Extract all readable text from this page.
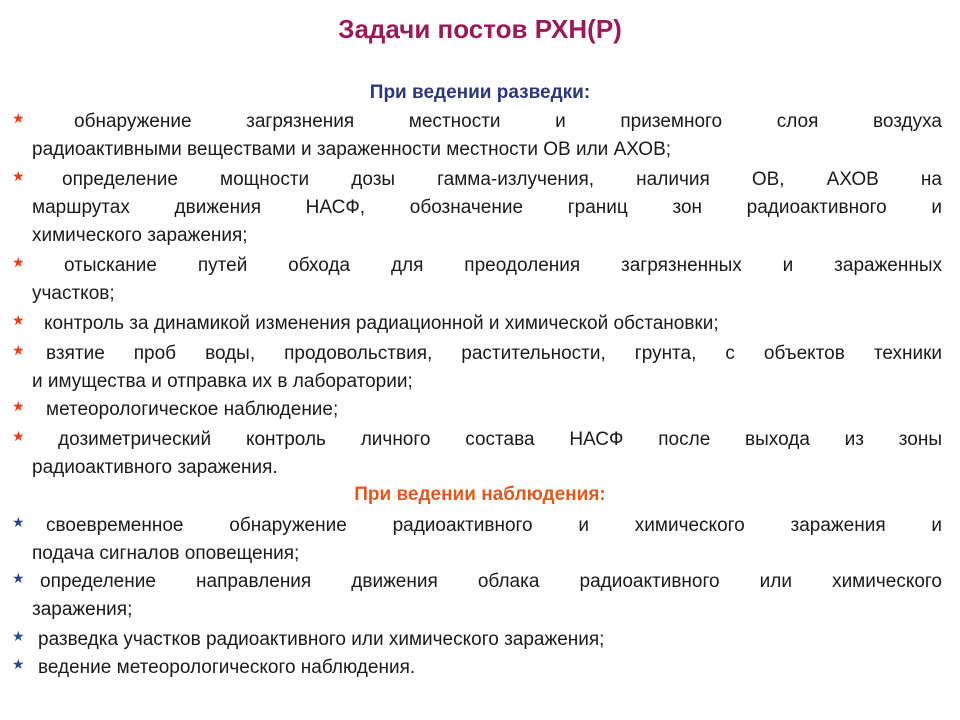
Задачи постов РХН(Р)
При ведении разведки:
★	обнаружение загрязнения местности и приземного слоя воздуха
радиоактивными веществами и зараженности местности ОВ или АХОВ;
★	определение мощности дозы гамма-излучения, наличия ОВ, АХОВ на
маршрутах движения НАСФ, обозначение границ зон радиоактивного и
химического заражения;
★	отыскание путей обхода для преодоления загрязненных и зараженных
участков;
★	контроль за динамикой изменения радиационной и химической обстановки;
★	взятие проб воды, продовольствия, растительности, грунта, с объектов техники
и имущества и отправка их в лаборатории;
★	метеорологическое наблюдение;
★	дозиметрический контроль личного состава НАСФ после выхода из зоны
радиоактивного заражения.
При ведении наблюдения:
★	своевременное обнаружение радиоактивного и химического заражения и
подача сигналов оповещения;
★ определение направления движения облака радиоактивного или химического
заражения;
★ разведка участков радиоактивного или химического заражения;
★ ведение метеорологического наблюдения.
